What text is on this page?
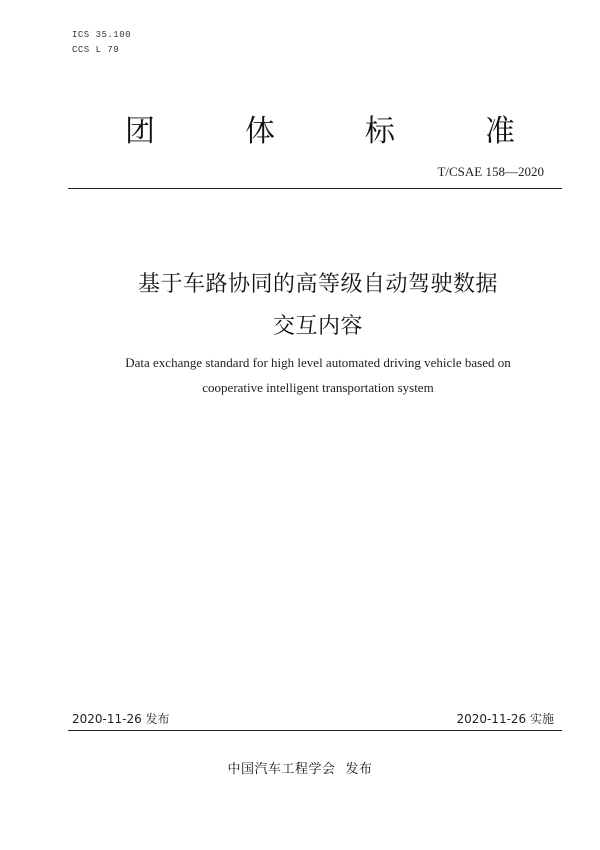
ICS 35.100
CCS L 79
团	体	标	准
T/CSAE 158—2020
基于车路协同的高等级自动驾驶数据
交互内容
Data exchange standard for high level automated driving vehicle based on
cooperative intelligent transportation system
2020-11-26 发布	2020-11-26 实施
中国汽车工程学会 发布
